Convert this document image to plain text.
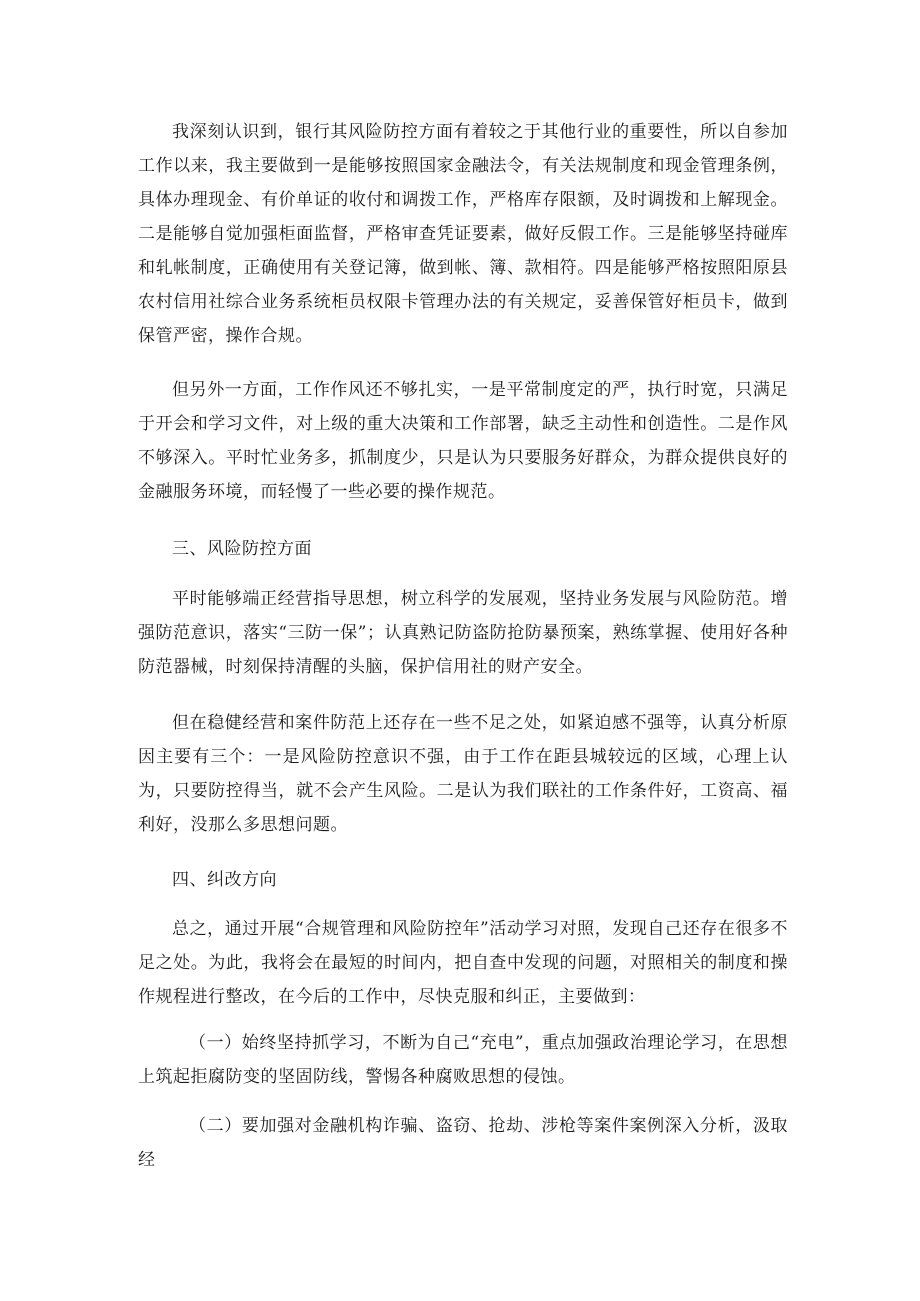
我深刻认识到，银行其风险防控方面有着较之于其他行业的重要性，所以自参加工作以来，我主要做到一是能够按照国家金融法令，有关法规制度和现金管理条例，具体办理现金、有价单证的收付和调拨工作，严格库存限额，及时调拨和上解现金。二是能够自觉加强柜面监督，严格审查凭证要素，做好反假工作。三是能够坚持碰库和轧帐制度，正确使用有关登记簿，做到帐、簿、款相符。四是能够严格按照阳原县农村信用社综合业务系统柜员权限卡管理办法的有关规定，妥善保管好柜员卡，做到保管严密，操作合规。

但另外一方面，工作作风还不够扎实，一是平常制度定的严，执行时宽，只满足于开会和学习文件，对上级的重大决策和工作部署，缺乏主动性和创造性。二是作风不够深入。平时忙业务多，抓制度少，只是认为只要服务好群众，为群众提供良好的金融服务环境，而轻慢了一些必要的操作规范。

三、风险防控方面

平时能够端正经营指导思想，树立科学的发展观，坚持业务发展与风险防范。增强防范意识，落实“三防一保”；认真熟记防盗防抢防暴预案，熟练掌握、使用好各种防范器械，时刻保持清醒的头脑，保护信用社的财产安全。

但在稳健经营和案件防范上还存在一些不足之处，如紧迫感不强等，认真分析原因主要有三个：一是风险防控意识不强，由于工作在距县城较远的区域，心理上认为，只要防控得当，就不会产生风险。二是认为我们联社的工作条件好，工资高、福利好，没那么多思想问题。

四、纠改方向

总之，通过开展“合规管理和风险防控年”活动学习对照，发现自己还存在很多不足之处。为此，我将会在最短的时间内，把自查中发现的问题，对照相关的制度和操作规程进行整改，在今后的工作中，尽快克服和纠正，主要做到：

（一）始终坚持抓学习，不断为自己“充电”，重点加强政治理论学习，在思想上筑起拒腐防变的坚固防线，警惕各种腐败思想的侵蚀。

（二）要加强对金融机构诈骗、盗窃、抢劫、涉枪等案件案例深入分析，汲取经
